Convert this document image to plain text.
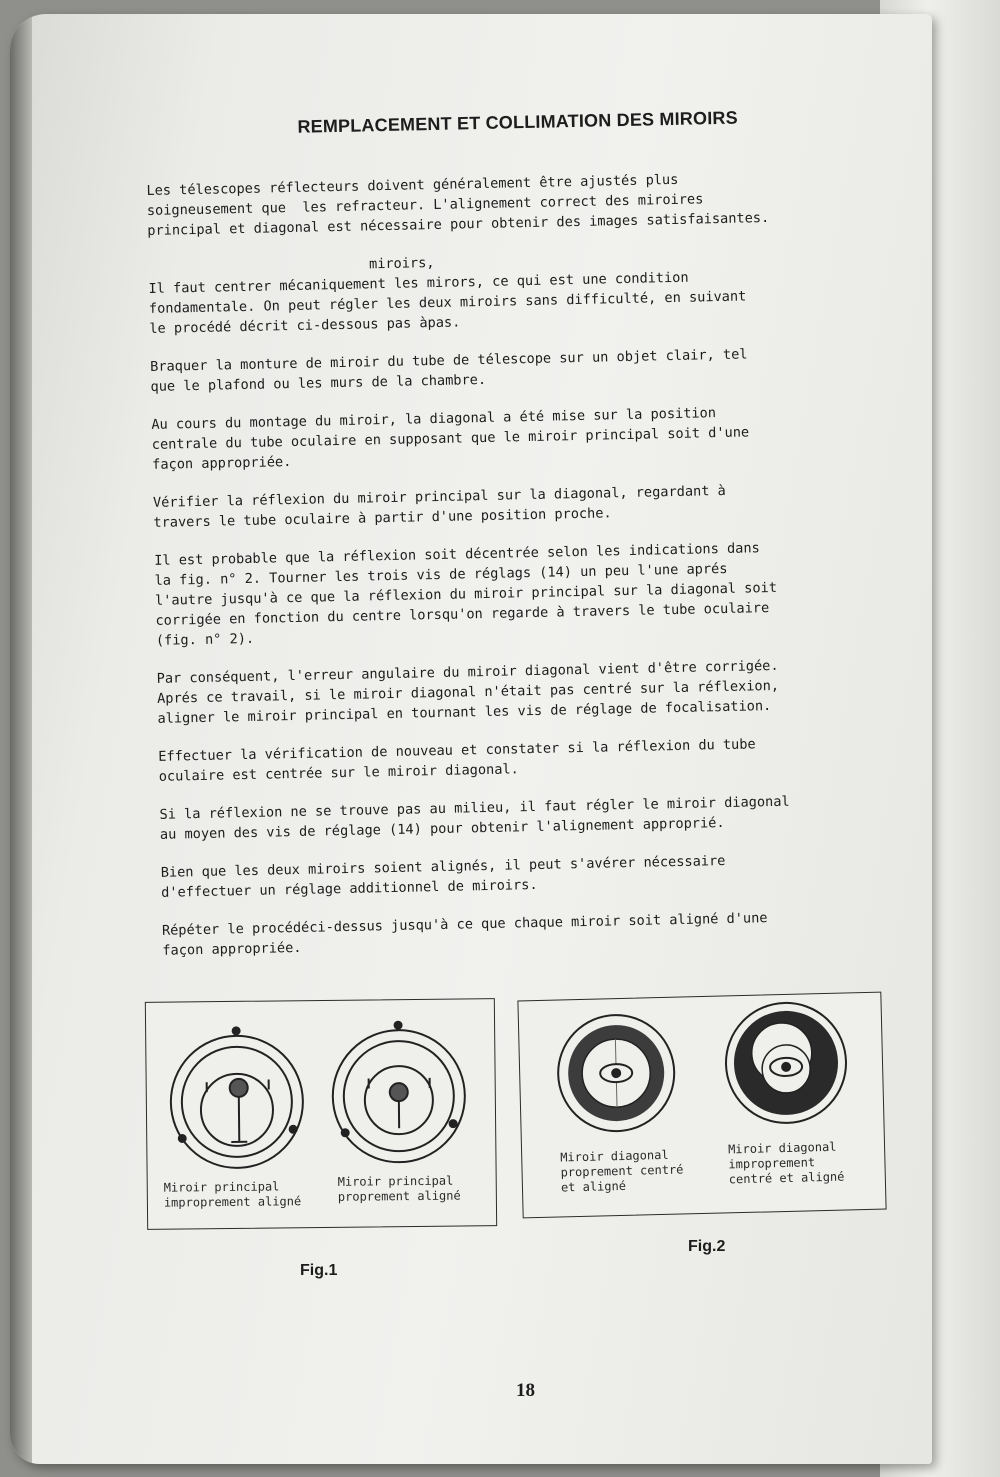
REMPLACEMENT ET COLLIMATION DES MIROIRS

Les télescopes réflecteurs doivent généralement être ajustés plus
soigneusement que  les refracteur. L'alignement correct des miroires
principal et diagonal est nécessaire pour obtenir des images satisfaisantes.

miroirs,
Il faut centrer mécaniquement les mirors, ce qui est une condition
fondamentale. On peut régler les deux miroirs sans difficulté, en suivant
le procédé décrit ci-dessous pas àpas.

Braquer la monture de miroir du tube de télescope sur un objet clair, tel
que le plafond ou les murs de la chambre.

Au cours du montage du miroir, la diagonal a été mise sur la position
centrale du tube oculaire en supposant que le miroir principal soit d'une
façon appropriée.

Vérifier la réflexion du miroir principal sur la diagonal, regardant à
travers le tube oculaire à partir d'une position proche.

Il est probable que la réflexion soit décentrée selon les indications dans
la fig. n° 2. Tourner les trois vis de réglags (14) un peu l'une aprés
l'autre jusqu'à ce que la réflexion du miroir principal sur la diagonal soit
corrigée en fonction du centre lorsqu'on regarde à travers le tube oculaire
(fig. n° 2).

Par conséquent, l'erreur angulaire du miroir diagonal vient d'être corrigée.
Aprés ce travail, si le miroir diagonal n'était pas centré sur la réflexion,
aligner le miroir principal en tournant les vis de réglage de focalisation.

Effectuer la vérification de nouveau et constater si la réflexion du tube
oculaire est centrée sur le miroir diagonal.

Si la réflexion ne se trouve pas au milieu, il faut régler le miroir diagonal
au moyen des vis de réglage (14) pour obtenir l'alignement approprié.

Bien que les deux miroirs soient alignés, il peut s'avérer nécessaire
d'effectuer un réglage additionnel de miroirs.

Répéter le procédéci-dessus jusqu'à ce que chaque miroir soit aligné d'une
façon appropriée.

Miroir principal
improprement aligné
Miroir principal
proprement aligné
Fig.1
Miroir diagonal
proprement centré
et aligné
Miroir diagonal
improprement
centré et aligné
Fig.2
18
